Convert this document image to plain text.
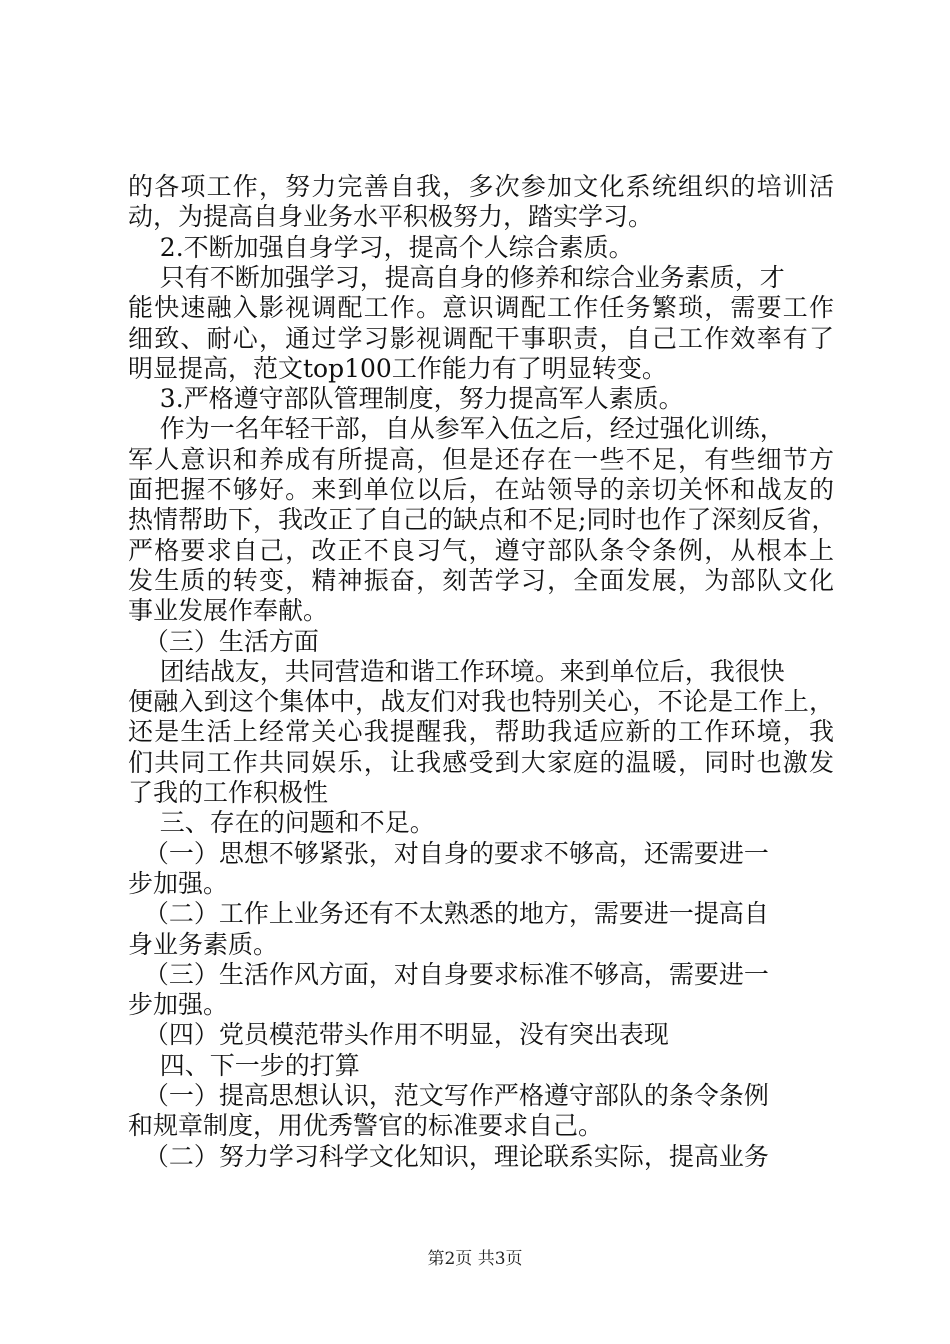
的各项工作，努力完善自我，多次参加文化系统组织的培训活
动，为提高自身业务水平积极努力，踏实学习。
2.不断加强自身学习，提高个人综合素质。
只有不断加强学习，提高自身的修养和综合业务素质，才
能快速融入影视调配工作。意识调配工作任务繁琐，需要工作
细致、耐心，通过学习影视调配干事职责，自己工作效率有了
明显提高，范文top100工作能力有了明显转变。
3.严格遵守部队管理制度，努力提高军人素质。
作为一名年轻干部，自从参军入伍之后，经过强化训练，
军人意识和养成有所提高，但是还存在一些不足，有些细节方
面把握不够好。来到单位以后，在站领导的亲切关怀和战友的
热情帮助下，我改正了自己的缺点和不足;同时也作了深刻反省，
严格要求自己，改正不良习气，遵守部队条令条例，从根本上
发生质的转变，精神振奋，刻苦学习，全面发展，为部队文化
事业发展作奉献。
（三）生活方面
团结战友，共同营造和谐工作环境。来到单位后，我很快
便融入到这个集体中，战友们对我也特别关心，不论是工作上，
还是生活上经常关心我提醒我，帮助我适应新的工作环境，我
们共同工作共同娱乐，让我感受到大家庭的温暖，同时也激发
了我的工作积极性
三、存在的问题和不足。
（一）思想不够紧张，对自身的要求不够高，还需要进一
步加强。
（二）工作上业务还有不太熟悉的地方，需要进一提高自
身业务素质。
（三）生活作风方面，对自身要求标准不够高，需要进一
步加强。
（四）党员模范带头作用不明显，没有突出表现
四、下一步的打算
（一）提高思想认识，范文写作严格遵守部队的条令条例
和规章制度，用优秀警官的标准要求自己。
（二）努力学习科学文化知识，理论联系实际，提高业务
第2页 共3页
